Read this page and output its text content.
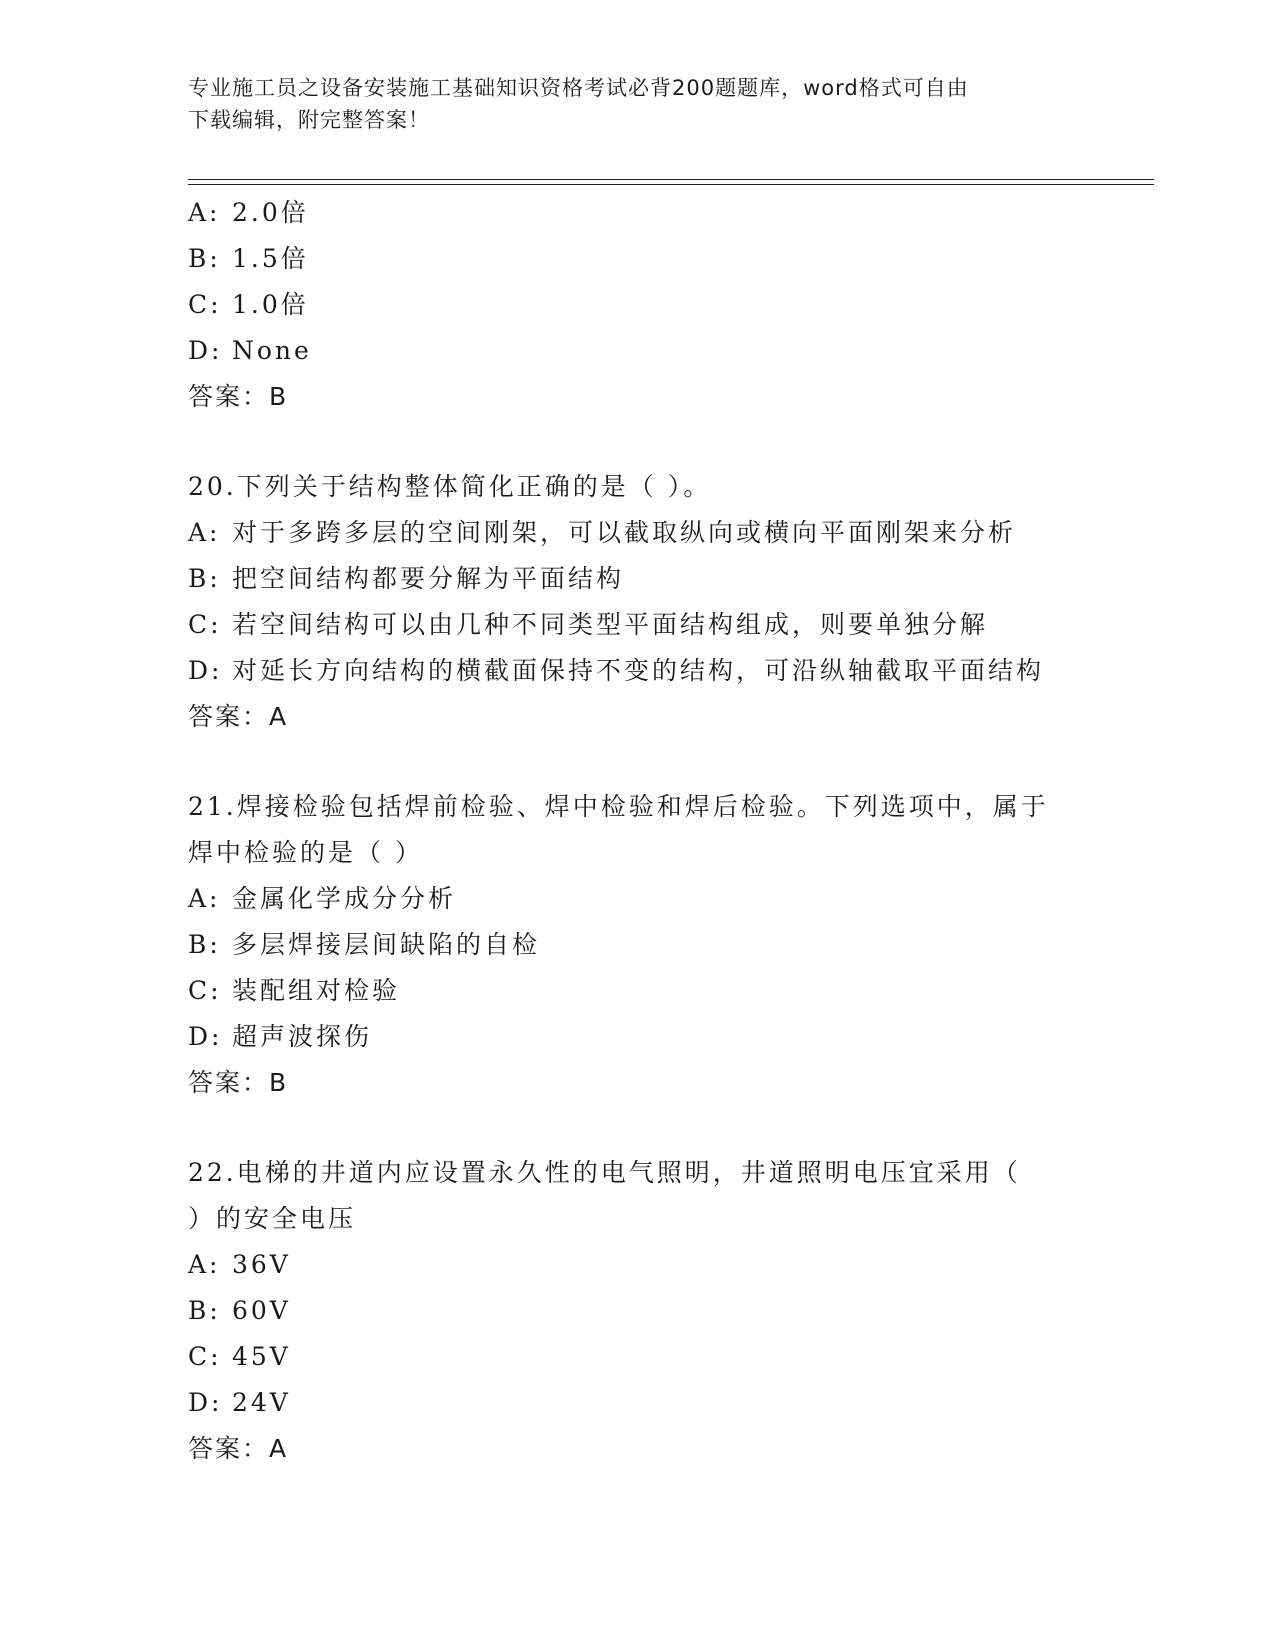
专业施工员之设备安装施工基础知识资格考试必背200题题库，word格式可自由
下载编辑，附完整答案！
A: 2.0倍
B: 1.5倍
C: 1.0倍
D: None
答案：B
20.下列关于结构整体简化正确的是（ ）。
A: 对于多跨多层的空间刚架，可以截取纵向或横向平面刚架来分析
B: 把空间结构都要分解为平面结构
C: 若空间结构可以由几种不同类型平面结构组成，则要单独分解
D: 对延长方向结构的横截面保持不变的结构，可沿纵轴截取平面结构
答案：A
21.焊接检验包括焊前检验、焊中检验和焊后检验。下列选项中，属于
焊中检验的是（ ）
A: 金属化学成分分析
B: 多层焊接层间缺陷的自检
C: 装配组对检验
D: 超声波探伤
答案：B
22.电梯的井道内应设置永久性的电气照明，井道照明电压宜采用（
）的安全电压
A: 36V
B: 60V
C: 45V
D: 24V
答案：A
